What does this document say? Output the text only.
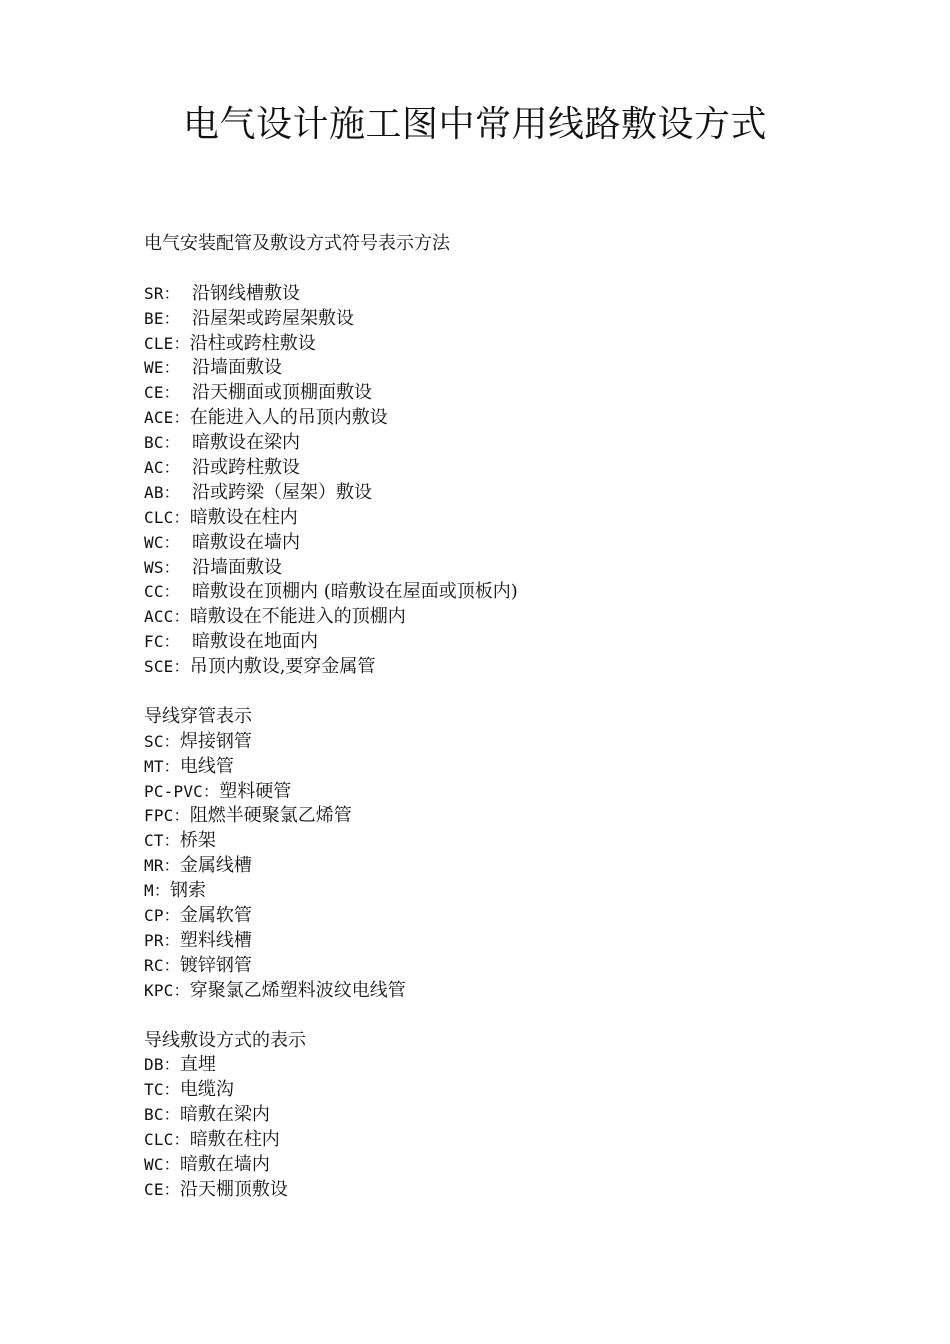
电气设计施工图中常用线路敷设方式
电气安装配管及敷设方式符号表示方法
SR： 沿钢线槽敷设
BE： 沿屋架或跨屋架敷设
CLE：沿柱或跨柱敷设
WE： 沿墙面敷设
CE： 沿天棚面或顶棚面敷设
ACE：在能进入人的吊顶内敷设
BC： 暗敷设在梁内
AC： 沿或跨柱敷设
AB： 沿或跨梁（屋架）敷设
CLC：暗敷设在柱内
WC： 暗敷设在墙内
WS： 沿墙面敷设
CC： 暗敷设在顶棚内 (暗敷设在屋面或顶板内)
ACC：暗敷设在不能进入的顶棚内
FC： 暗敷设在地面内
SCE：吊顶内敷设,要穿金属管
导线穿管表示
SC：焊接钢管
MT：电线管
PC-PVC：塑料硬管
FPC：阻燃半硬聚氯乙烯管
CT：桥架
MR：金属线槽
M：钢索
CP：金属软管
PR：塑料线槽
RC：镀锌钢管
KPC：穿聚氯乙烯塑料波纹电线管
导线敷设方式的表示
DB：直埋
TC：电缆沟
BC：暗敷在梁内
CLC：暗敷在柱内
WC：暗敷在墙内
CE：沿天棚顶敷设
